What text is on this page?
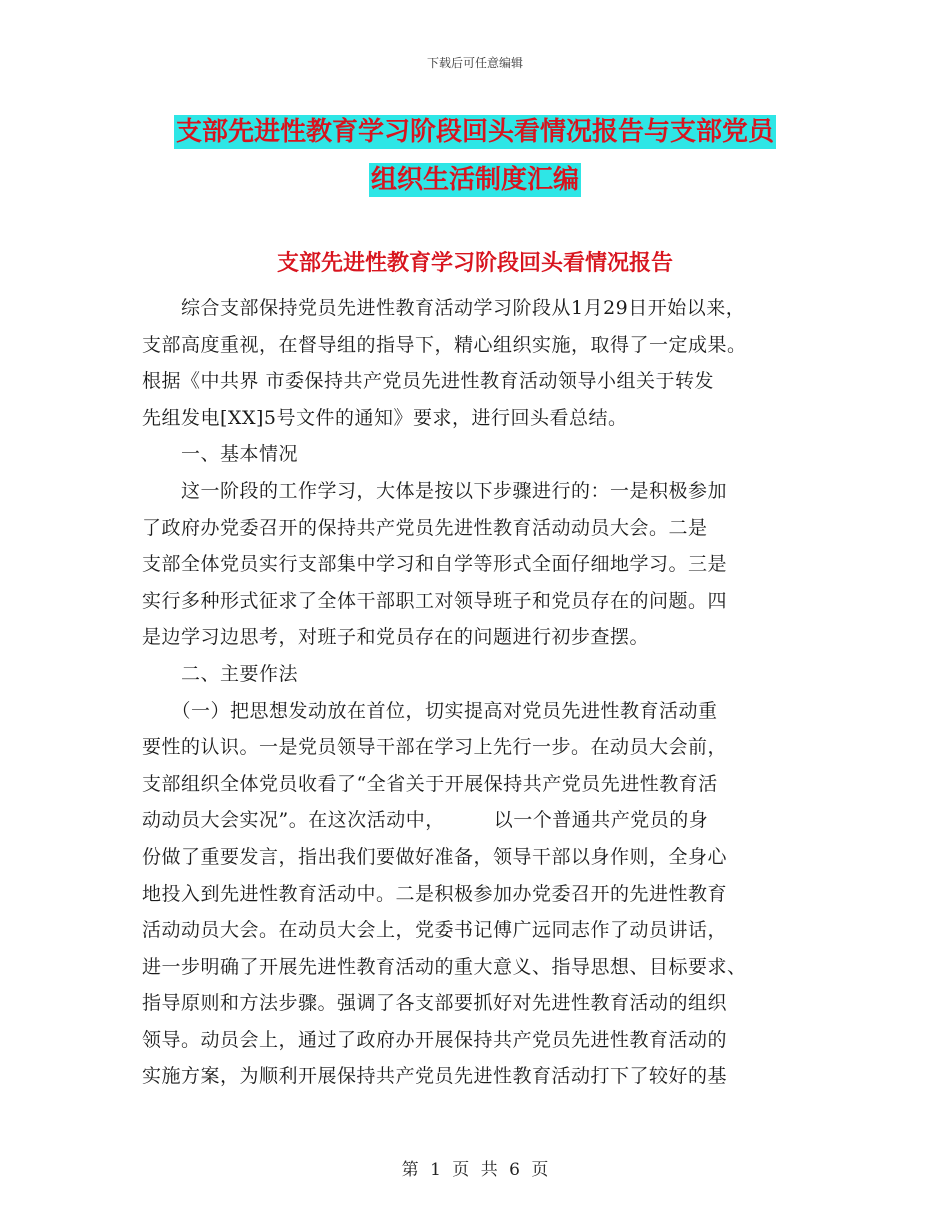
下载后可任意编辑
支部先进性教育学习阶段回头看情况报告与支部党员
组织生活制度汇编
支部先进性教育学习阶段回头看情况报告
　　综合支部保持党员先进性教育活动学习阶段从1月29日开始以来，
支部高度重视，在督导组的指导下，精心组织实施，取得了一定成果。
根据《中共界 市委保持共产党员先进性教育活动领导小组关于转发
先组发电[XX]5号文件的通知》要求，进行回头看总结。
　　一、基本情况
　　这一阶段的工作学习，大体是按以下步骤进行的：一是积极参加
了政府办党委召开的保持共产党员先进性教育活动动员大会。二是
支部全体党员实行支部集中学习和自学等形式全面仔细地学习。三是
实行多种形式征求了全体干部职工对领导班子和党员存在的问题。四
是边学习边思考，对班子和党员存在的问题进行初步查摆。
　　二、主要作法
　　（一）把思想发动放在首位，切实提高对党员先进性教育活动重
要性的认识。一是党员领导干部在学习上先行一步。在动员大会前，
支部组织全体党员收看了“全省关于开展保持共产党员先进性教育活
动动员大会实况”。在这次活动中，　　　以一个普通共产党员的身
份做了重要发言，指出我们要做好准备，领导干部以身作则，全身心
地投入到先进性教育活动中。二是积极参加办党委召开的先进性教育
活动动员大会。在动员大会上，党委书记傅广远同志作了动员讲话，
进一步明确了开展先进性教育活动的重大意义、指导思想、目标要求、
指导原则和方法步骤。强调了各支部要抓好对先进性教育活动的组织
领导。动员会上，通过了政府办开展保持共产党员先进性教育活动的
实施方案，为顺利开展保持共产党员先进性教育活动打下了较好的基
第 1 页 共 6 页
